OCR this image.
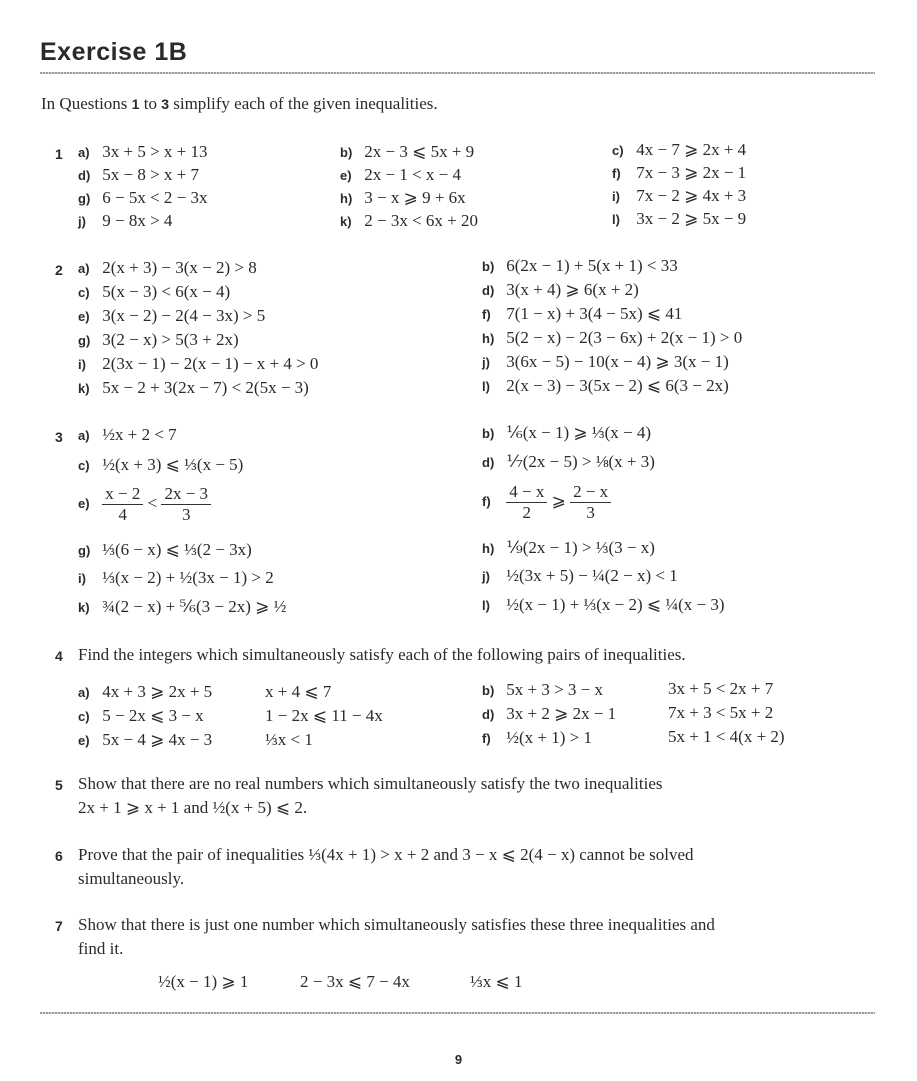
Exercise 1B
In Questions 1 to 3 simplify each of the given inequalities.
1 a) 3x + 5 > x + 13	b) 2x − 3 ⩽ 5x + 9	c) 4x − 7 ⩾ 2x + 4
d) 5x − 8 > x + 7	e) 2x − 1 < x − 4	f) 7x − 3 ⩾ 2x − 1
g) 6 − 5x < 2 − 3x	h) 3 − x ⩾ 9 + 6x	i) 7x − 2 ⩾ 4x + 3
j) 9 − 8x > 4	k) 2 − 3x < 6x + 20	l) 3x − 2 ⩾ 5x − 9
2 a) 2(x + 3) − 3(x − 2) > 8	b) 6(2x − 1) + 5(x + 1) < 33
c) 5(x − 3) < 6(x − 4)	d) 3(x + 4) ⩾ 6(x + 2)
e) 3(x − 2) − 2(4 − 3x) > 5	f) 7(1 − x) + 3(4 − 5x) ⩽ 41
g) 3(2 − x) > 5(3 + 2x)	h) 5(2 − x) − 2(3 − 6x) + 2(x − 1) > 0
i) 2(3x − 1) − 2(x − 1) − x + 4 > 0	j) 3(6x − 5) − 10(x − 4) ⩾ 3(x − 1)
k) 5x − 2 + 3(2x − 7) < 2(5x − 3)	l) 2(x − 3) − 3(5x − 2) ⩽ 6(3 − 2x)
3 a) ½x + 2 < 7	b) ⅙(x − 1) ⩾ ⅓(x − 4)
c) ½(x + 3) ⩽ ⅓(x − 5)	d) ⅐(2x − 5) > ⅛(x + 3)
$e) \frac{x - 2}{4} < \frac{2x - 3}{3}$	$f) \frac{4 - x}{2}$ ⩾ $\frac{2 - x}{3}$
g) ⅓(6 − x) ⩽ ⅓(2 − 3x)	h) ⅑(2x − 1) > ⅓(3 − x)
i) ⅓(x − 2) + ½(3x − 1) > 2	j) ½(3x + 5) − ¼(2 − x) < 1
k) ¾(2 − x) + ⅚(3 − 2x) ⩾ ½	l) ½(x − 1) + ⅓(x − 2) ⩽ ¼(x − 3)
4 Find the integers which simultaneously satisfy each of the following pairs of inequalities.
a) 4x + 3 ⩾ 2x + 5	x + 4 ⩽ 7	b) 5x + 3 > 3 − x	3x + 5 < 2x + 7
c) 5 − 2x ⩽ 3 − x	1 − 2x ⩽ 11 − 4x	d) 3x + 2 ⩾ 2x − 1	7x + 3 < 5x + 2
e) 5x − 4 ⩾ 4x − 3	⅓x < 1	f) ½(x + 1) > 1	5x + 1 < 4(x + 2)
5 Show that there are no real numbers which simultaneously satisfy the two inequalities
2x + 1 ⩾ x + 1 and ½(x + 5) ⩽ 2.
6 Prove that the pair of inequalities ⅓(4x + 1) > x + 2 and 3 − x ⩽ 2(4 − x) cannot be solved
simultaneously.
7 Show that there is just one number which simultaneously satisfies these three inequalities and
find it.
½(x − 1) ⩾ 1	2 − 3x ⩽ 7 − 4x	⅓x ⩽ 1
9
